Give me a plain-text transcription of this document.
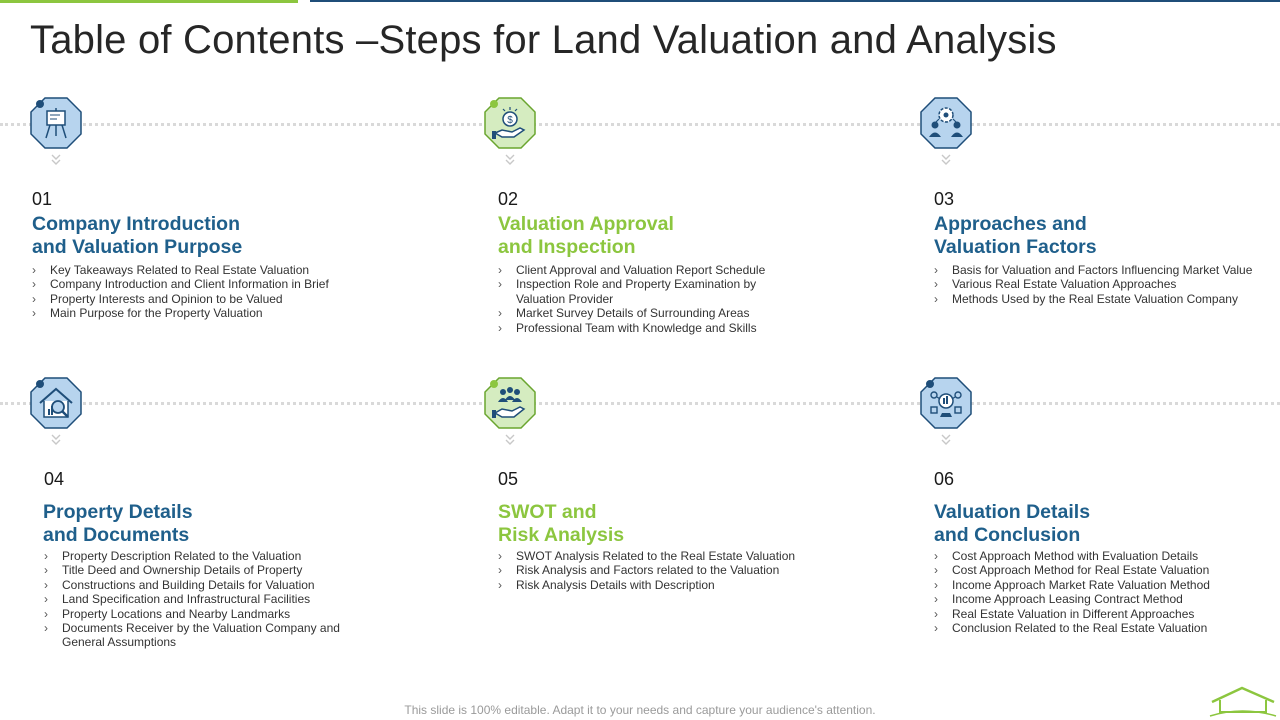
Table of Contents –Steps for Land Valuation and Analysis

01

Company Introduction
and Valuation Purpose
› Key Takeaways Related to Real Estate Valuation
› Company Introduction and Client Information in Brief
› Property Interests and Opinion to be Valued
› Main Purpose for the Property Valuation
$

02

Valuation Approval
and Inspection
› Client Approval and Valuation Report Schedule
› Inspection Role and Property Examination by Valuation Provider
› Market Survey Details of Surrounding Areas
› Professional Team with Knowledge and Skills

03

Approaches and
Valuation Factors
› Basis for Valuation and Factors Influencing Market Value
› Various Real Estate Valuation Approaches
› Methods Used by the Real Estate Valuation Company

04

Property Details
and Documents
› Property Description Related to the Valuation
› Title Deed and Ownership Details of Property
› Constructions and Building Details for Valuation
› Land Specification and Infrastructural Facilities
› Property Locations and Nearby Landmarks
› Documents Receiver by the Valuation Company and General Assumptions

05

SWOT and
Risk Analysis
› SWOT Analysis Related to the Real Estate Valuation
› Risk Analysis and Factors related to the Valuation
› Risk Analysis Details with Description

06

Valuation Details
and Conclusion
› Cost Approach Method with Evaluation Details
› Cost Approach Method for Real Estate Valuation
› Income Approach Market Rate Valuation Method
› Income Approach Leasing Contract Method
› Real Estate Valuation in Different Approaches
› Conclusion Related to the Real Estate Valuation
This slide is 100% editable. Adapt it to your needs and capture your audience's attention.
